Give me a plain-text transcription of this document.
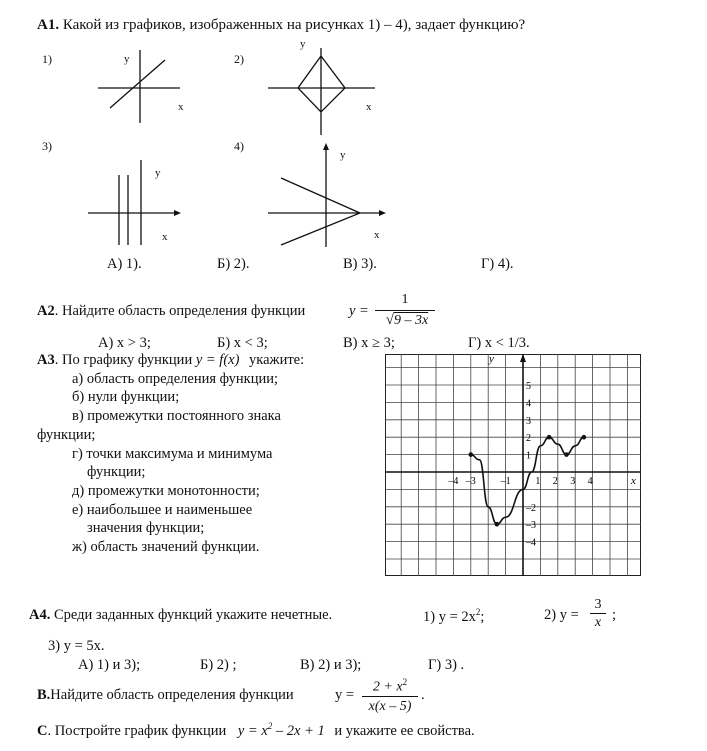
А1. Какой из графиков, изображенных на рисунках 1) – 4), задает функцию?
1)	2)
3)	4)
y
x
y
x
y
x
y
x
А) 1).	Б) 2).	В) 3).	Г) 4).
А2. Найдите область определения функции	$y = \frac{1}{√9 - 3x}$
А) x > 3;	Б) x < 3;	В) x ≥ 3;	Г) x < 1/3.
А3. По графику функции y = f(x) укажите:
а) область определения функции;
б) нули функции;
в) промежутки постоянного знака
функции;
г) точки максимума и минимума
функции;
д) промежутки монотонности;
е) наибольшее и наименьшее
значения функции;
ж) область значений функции.
y
x
–4 –3 –1 1 2 3 4
5
4
3
2
1
–2
–3
–4
А4. Среди заданных функций укажите нечетные.	1) $y = 2x^2$;	2) $y = \frac{3}{x}$ ;
3) y = 5x.
А) 1) и 3);	Б) 2) ;	В) 2) и 3);	Г) 3) .
В.Найдите область определения функции	$y = \frac{2 + x^2}{x(x - 5)}$ .
С. Постройте график функции $y = x^2 - 2x + 1$ и укажите ее свойства.
